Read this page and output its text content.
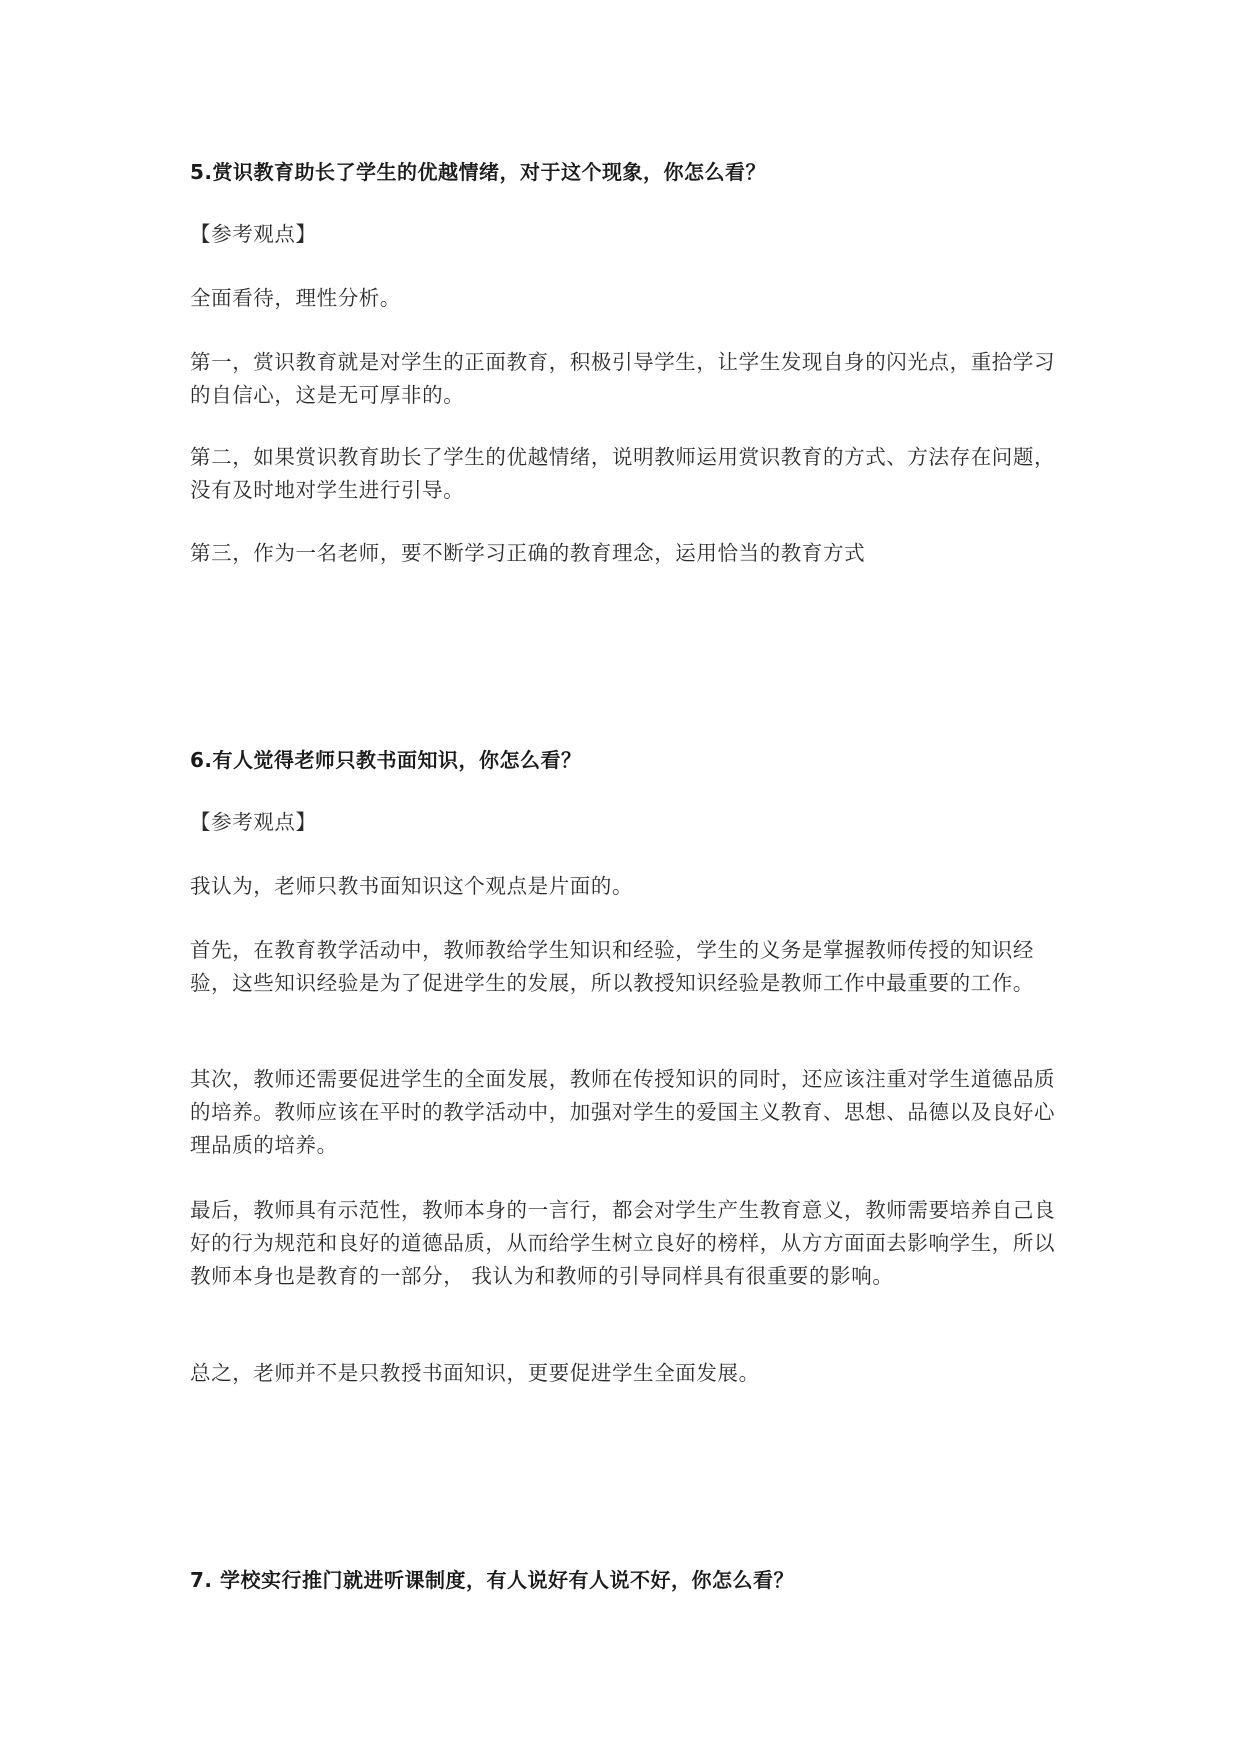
5.赏识教育助长了学生的优越情绪，对于这个现象，你怎么看？

【参考观点】

全面看待，理性分析。

第一，赏识教育就是对学生的正面教育，积极引导学生，让学生发现自身的闪光点，重拾学习的自信心，这是无可厚非的。

第二，如果赏识教育助长了学生的优越情绪，说明教师运用赏识教育的方式、方法存在问题，没有及时地对学生进行引导。

第三，作为一名老师，要不断学习正确的教育理念，运用恰当的教育方式

6.有人觉得老师只教书面知识，你怎么看？

【参考观点】

我认为，老师只教书面知识这个观点是片面的。

首先，在教育教学活动中，教师教给学生知识和经验，学生的义务是掌握教师传授的知识经验，这些知识经验是为了促进学生的发展，所以教授知识经验是教师工作中最重要的工作。

其次，教师还需要促进学生的全面发展，教师在传授知识的同时，还应该注重对学生道德品质的培养。教师应该在平时的教学活动中，加强对学生的爱国主义教育、思想、品德以及良好心理品质的培养。

最后，教师具有示范性，教师本身的一言行，都会对学生产生教育意义，教师需要培养自己良好的行为规范和良好的道德品质，从而给学生树立良好的榜样，从方方面面去影响学生，所以教师本身也是教育的一部分， 我认为和教师的引导同样具有很重要的影响。

总之，老师并不是只教授书面知识，更要促进学生全面发展。

7. 学校实行推门就进听课制度，有人说好有人说不好，你怎么看？
